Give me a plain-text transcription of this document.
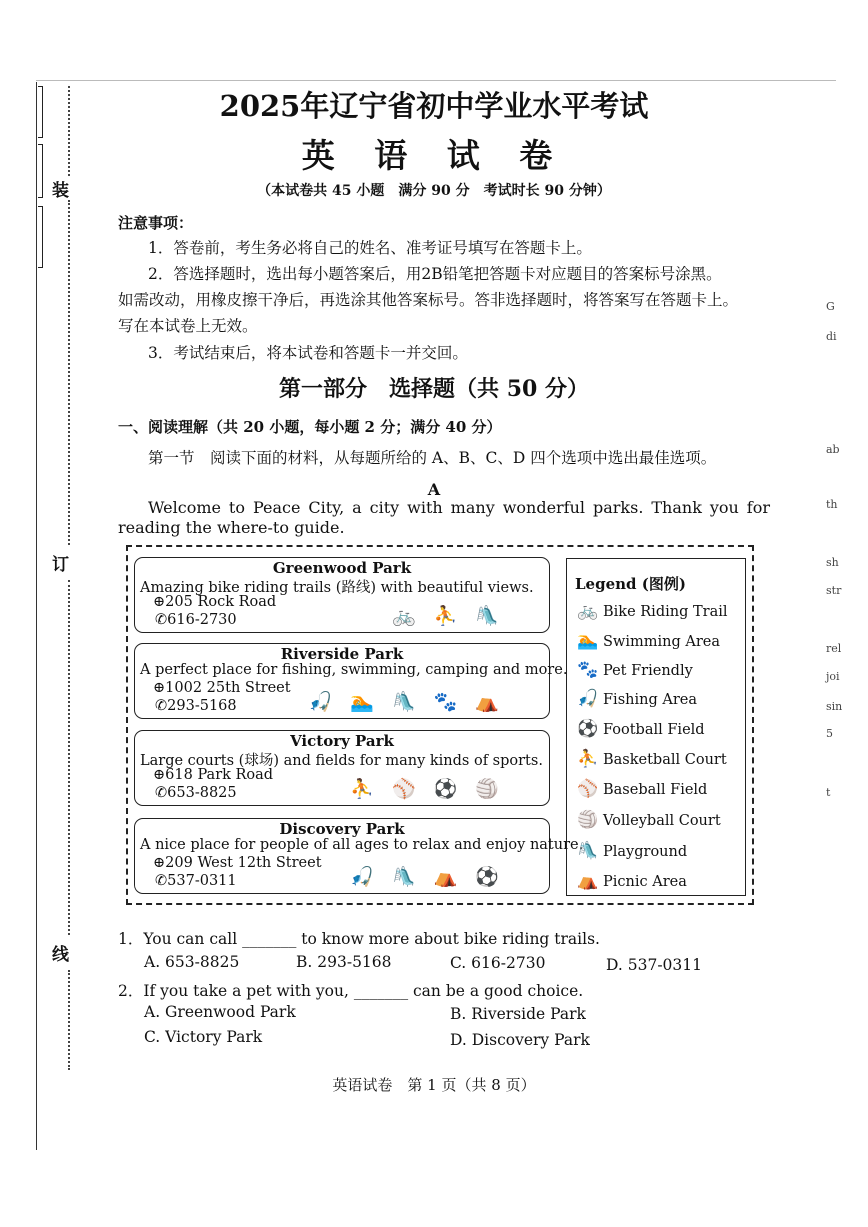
装
订
线
2025年辽宁省初中学业水平考试
英 语 试 卷
（本试卷共 45 小题　满分 90 分　考试时长 90 分钟）
注意事项：
1．答卷前，考生务必将自己的姓名、准考证号填写在答题卡上。
2．答选择题时，选出每小题答案后，用2B铅笔把答题卡对应题目的答案标号涂黑。
如需改动，用橡皮擦干净后，再选涂其他答案标号。答非选择题时，将答案写在答题卡上。
写在本试卷上无效。
3．考试结束后，将本试卷和答题卡一并交回。
第一部分　选择题（共 50 分）
一、阅读理解（共 20 小题，每小题 2 分；满分 40 分）
第一节　阅读下面的材料，从每题所给的 A、B、C、D 四个选项中选出最佳选项。
A
Welcome to Peace City, a city with many wonderful parks. Thank you for reading the where-to guide.
Greenwood Park
Amazing bike riding trails (路线) with beautiful views.
⊕205 Rock Road
✆616-2730	🚲 ⛹ 🛝
Riverside Park
A perfect place for fishing, swimming, camping and more.
⊕1002 25th Street
✆293-5168	🎣 🏊 🛝 🐾 ⛺
Victory Park
Large courts (球场) and fields for many kinds of sports.
⊕618 Park Road
✆653-8825	⛹ ⚾ ⚽ 🏐
Discovery Park
A nice place for people of all ages to relax and enjoy nature.
⊕209 West 12th Street
✆537-0311	🎣 🛝 ⛺ ⚽
Legend (图例)
🚲 Bike Riding Trail
🏊 Swimming Area
🐾 Pet Friendly
🎣 Fishing Area
⚽ Football Field
⛹ Basketball Court
⚾ Baseball Field
🏐 Volleyball Court
🛝 Playground
⛺ Picnic Area
1．You can call _______ to know more about bike riding trails.
A. 653-8825	B. 293-5168	C. 616-2730	D. 537-0311
2．If you take a pet with you, _______ can be a good choice.
A. Greenwood Park	B. Riverside Park
C. Victory Park	D. Discovery Park
英语试卷　第 1 页（共 8 页）
G
di
ab
th
sh
str
rel
joi
sin
5
t
